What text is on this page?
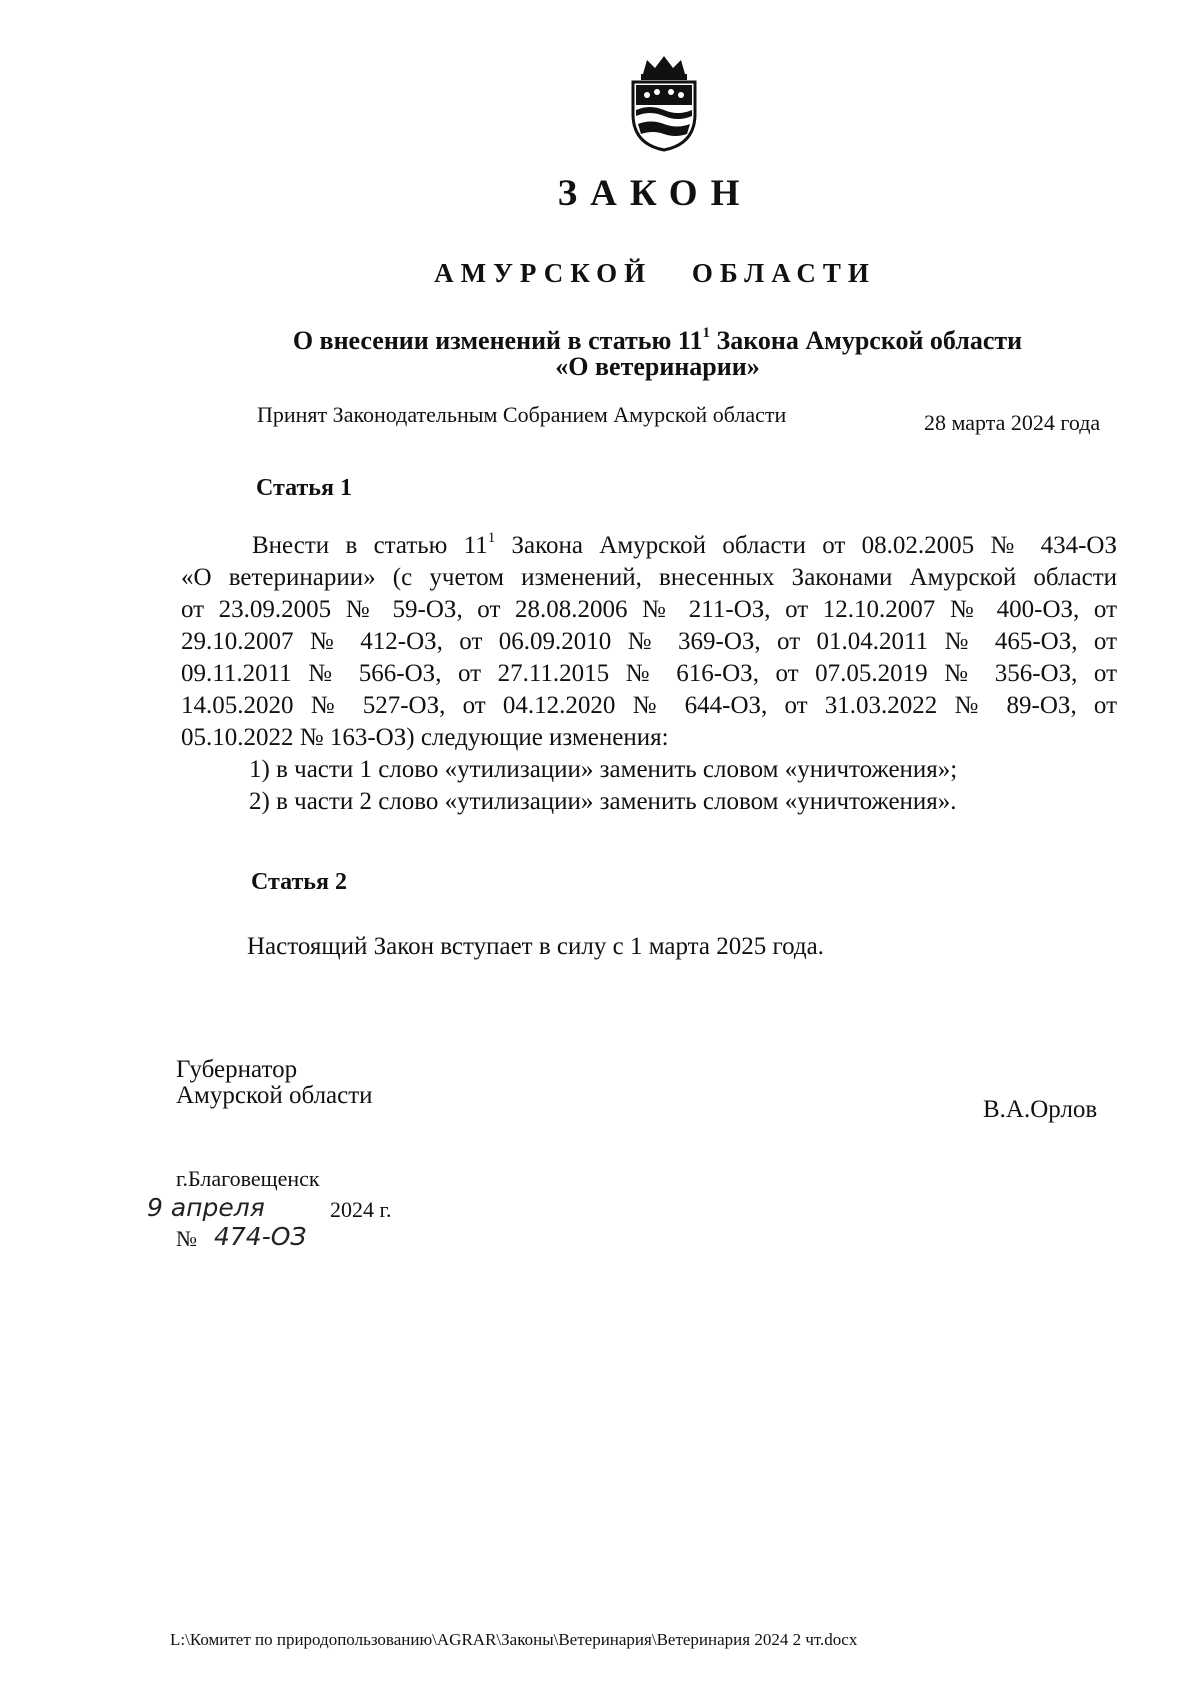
ЗАКОН
АМУРСКОЙ ОБЛАСТИ
О внесении изменений в статью $11^1$ Закона Амурской области
«О ветеринарии»
Принят Законодательным Собранием Амурской области	28 марта 2024 года
Статья 1
Внести в статью $11^1$ Закона Амурской области от 08.02.2005 № 434-ОЗ
«О ветеринарии» (с учетом изменений, внесенных Законами Амурской области
от 23.09.2005 № 59-ОЗ, от 28.08.2006 № 211-ОЗ, от 12.10.2007 № 400-ОЗ, от
29.10.2007 № 412-ОЗ, от 06.09.2010 № 369-ОЗ, от 01.04.2011 № 465-ОЗ, от
09.11.2011 № 566-ОЗ, от 27.11.2015 № 616-ОЗ, от 07.05.2019 № 356-ОЗ, от
14.05.2020 № 527-ОЗ, от 04.12.2020 № 644-ОЗ, от 31.03.2022 № 89-ОЗ, от
05.10.2022 № 163-ОЗ) следующие изменения:
1) в части 1 слово «утилизации» заменить словом «уничтожения»;
2) в части 2 слово «утилизации» заменить словом «уничтожения».
Статья 2
Настоящий Закон вступает в силу с 1 марта 2025 года.
Губернатор
Амурской области
В.А.Орлов
г.Благовещенск
9 апреля	2024 г.
№ 474-ОЗ
L:\Комитет по природопользованию\AGRAR\Законы\Ветеринария\Ветеринария 2024 2 чт.docx
